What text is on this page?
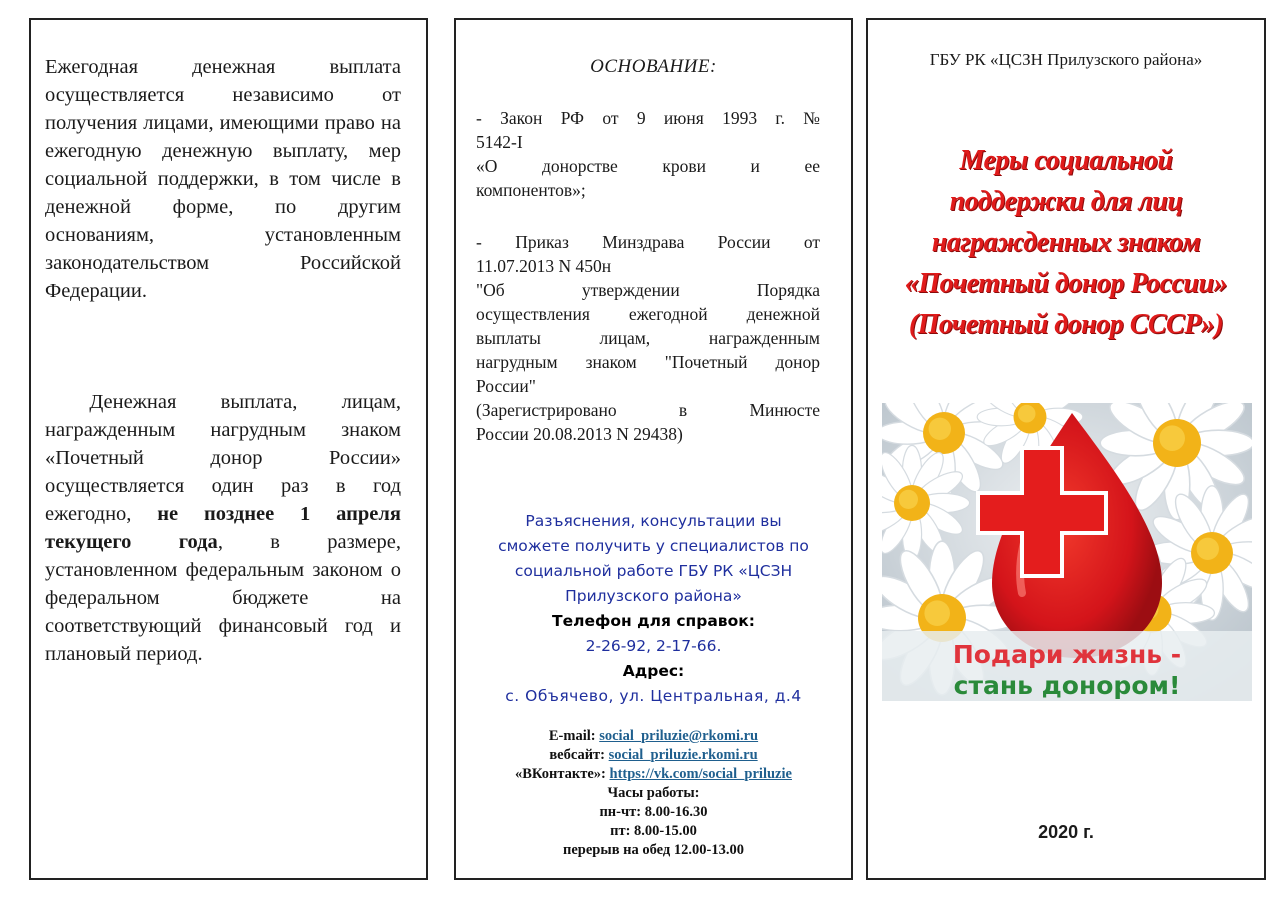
Ежегодная денежная выплата осуществляется независимо от получения лицами, имеющими право на ежегодную денежную выплату, мер социальной поддержки, в том числе в денежной форме, по другим основаниям, установленным законодательством Российской Федерации.

Денежная выплата, лицам, награжденным нагрудным знаком «Почетный донор России» осуществляется один раз в год ежегодно, не позднее 1 апреля текущего года, в размере, установленном федеральным законом о федеральном бюджете на соответствующий финансовый год и плановый период.

ОСНОВАНИЕ:
- Закон РФ от 9 июня 1993 г. №
5142-I
«О донорстве крови и ее
компонентов»;
- Приказ Минздрава России от
11.07.2013 N 450н
"Об утверждении Порядка
осуществления ежегодной денежной
выплаты лицам, награжденным
нагрудным знаком "Почетный донор
России"
(Зарегистрировано в Минюсте
России 20.08.2013 N 29438)
Разъяснения, консультации вы
сможете получить у специалистов по
социальной работе ГБУ РК «ЦСЗН
Прилузского района»
Телефон для справок:
2-26-92, 2-17-66.
Адрес:
с. Объячево, ул. Центральная, д.4
E-mail: social_priluzie@rkomi.ru
вебсайт: social_priluzie.rkomi.ru
«ВКонтакте»: https://vk.com/social_priluzie
Часы работы:
пн-чт: 8.00-16.30
пт: 8.00-15.00
перерыв на обед 12.00-13.00
ГБУ РК «ЦСЗН Прилузского района»
Меры социальной
поддержки для лиц
награжденных знаком
«Почетный донор России»
(Почетный донор СССР»)
Подари жизнь -
стань донором!
2020 г.
